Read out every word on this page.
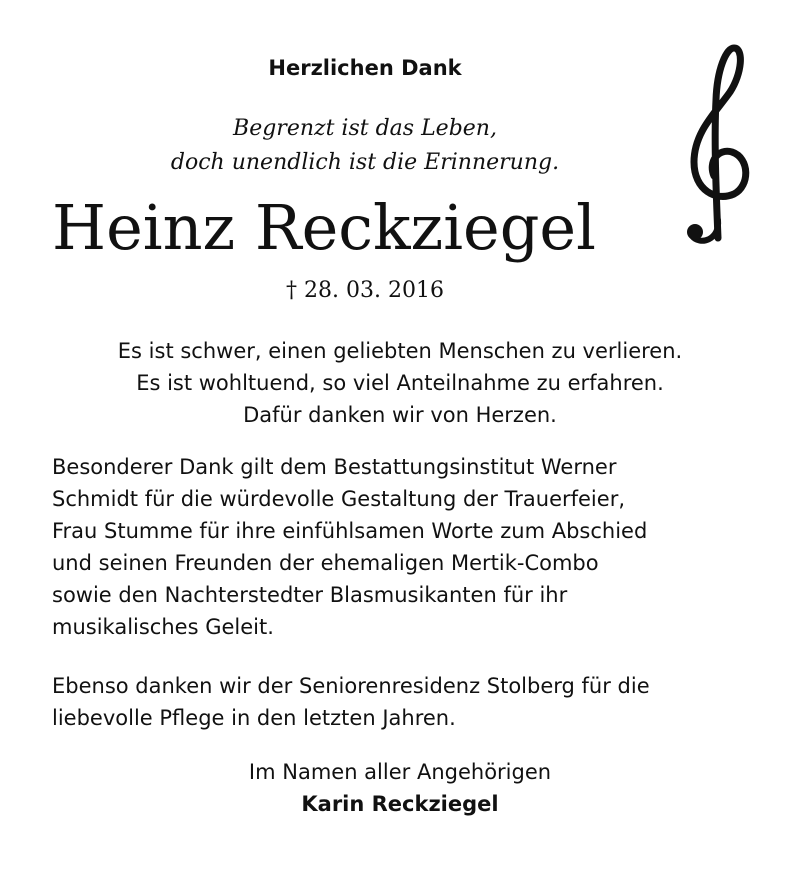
Herzlichen Dank
Begrenzt ist das Leben,
doch unendlich ist die Erinnerung.
Heinz Reckziegel
† 28. 03. 2016
Es ist schwer, einen geliebten Menschen zu verlieren.
Es ist wohltuend, so viel Anteilnahme zu erfahren.
Dafür danken wir von Herzen.
Besonderer Dank gilt dem Bestattungsinstitut Werner
Schmidt für die würdevolle Gestaltung der Trauerfeier,
Frau Stumme für ihre einfühlsamen Worte zum Abschied
und seinen Freunden der ehemaligen Mertik-Combo
sowie den Nachterstedter Blasmusikanten für ihr
musikalisches Geleit.
Ebenso danken wir der Seniorenresidenz Stolberg für die
liebevolle Pflege in den letzten Jahren.
Im Namen aller Angehörigen
Karin Reckziegel
